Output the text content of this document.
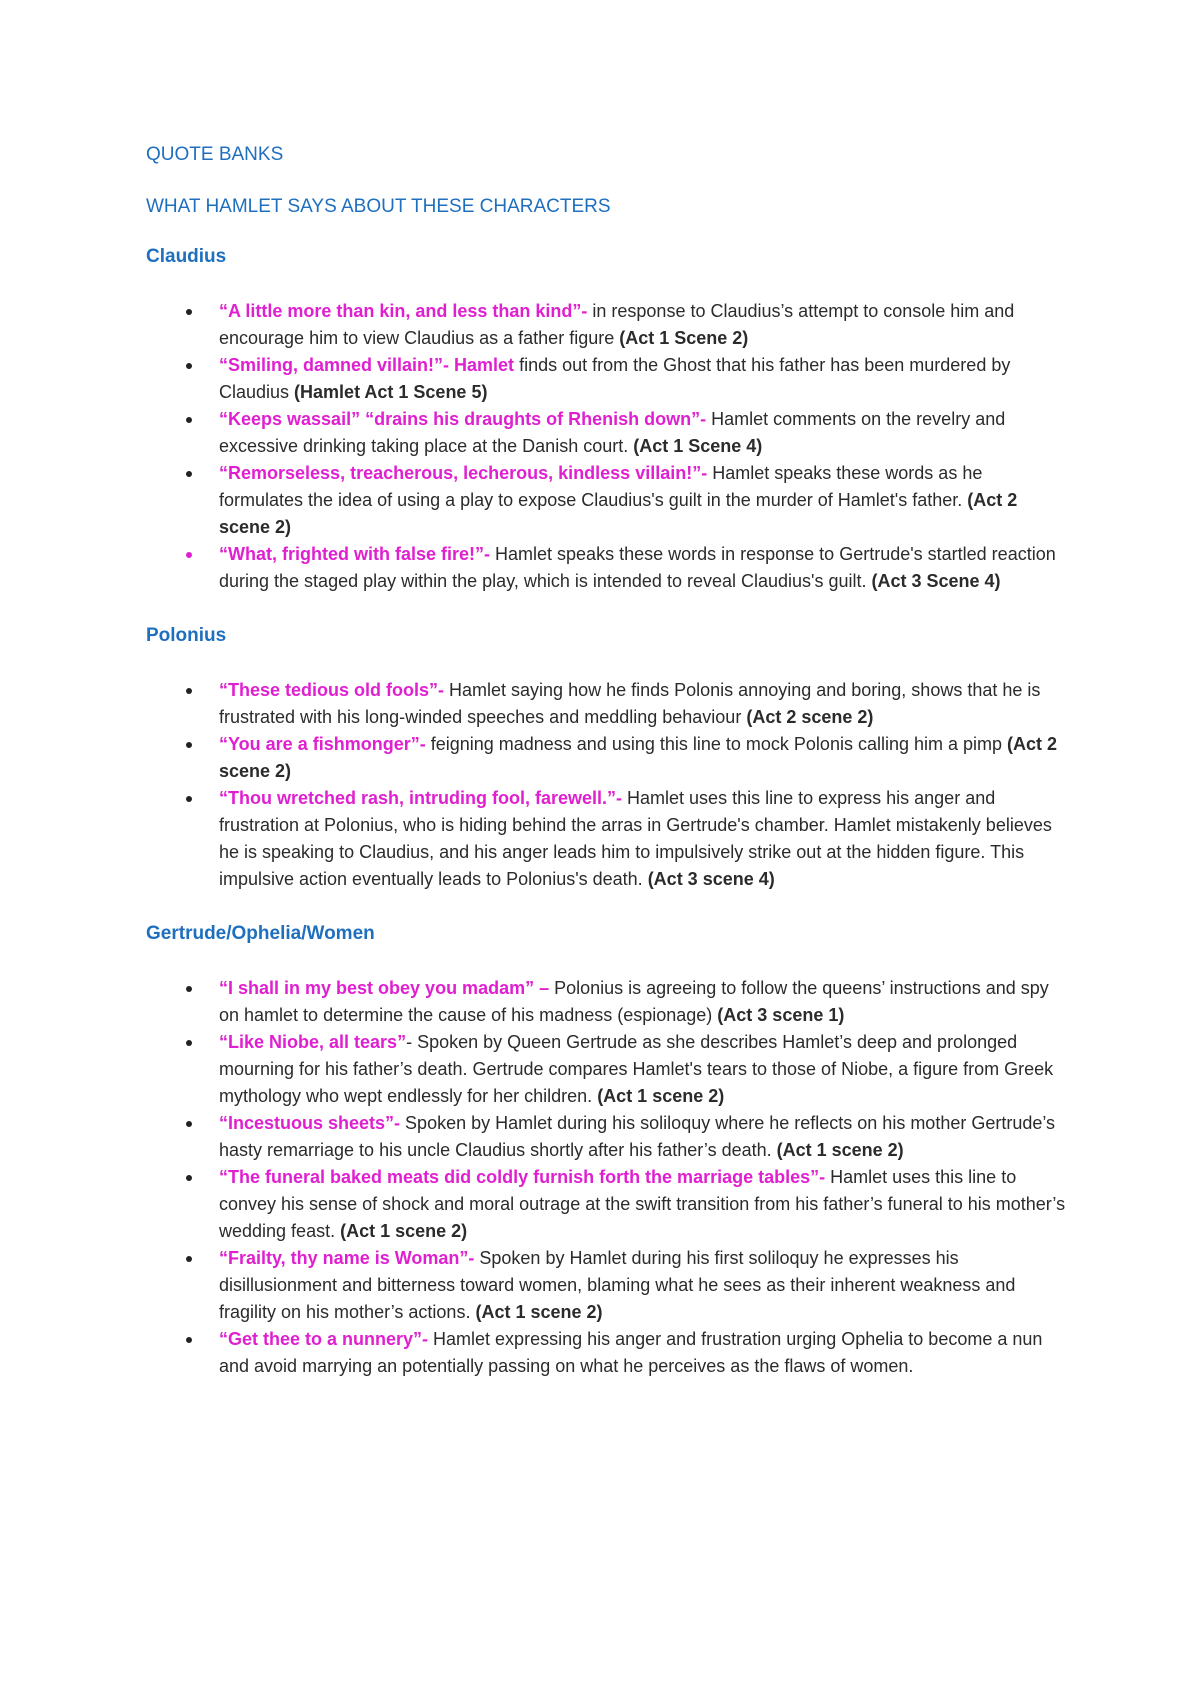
QUOTE BANKS
WHAT HAMLET SAYS ABOUT THESE CHARACTERS
Claudius
“A little more than kin, and less than kind”- in response to Claudius’s attempt to console him and encourage him to view Claudius as a father figure (Act 1 Scene 2)
“Smiling, damned villain!”- Hamlet finds out from the Ghost that his father has been murdered by Claudius (Hamlet Act 1 Scene 5)
“Keeps wassail” “drains his draughts of Rhenish down”- Hamlet comments on the revelry and excessive drinking taking place at the Danish court. (Act 1 Scene 4)
“Remorseless, treacherous, lecherous, kindless villain!”- Hamlet speaks these words as he formulates the idea of using a play to expose Claudius's guilt in the murder of Hamlet's father. (Act 2 scene 2)
“What, frighted with false fire!”- Hamlet speaks these words in response to Gertrude's startled reaction during the staged play within the play, which is intended to reveal Claudius's guilt. (Act 3 Scene 4)
Polonius
“These tedious old fools”- Hamlet saying how he finds Polonis annoying and boring, shows that he is frustrated with his long-winded speeches and meddling behaviour (Act 2 scene 2)
“You are a fishmonger”- feigning madness and using this line to mock Polonis calling him a pimp (Act 2 scene 2)
“Thou wretched rash, intruding fool, farewell.”- Hamlet uses this line to express his anger and frustration at Polonius, who is hiding behind the arras in Gertrude's chamber. Hamlet mistakenly believes he is speaking to Claudius, and his anger leads him to impulsively strike out at the hidden figure. This impulsive action eventually leads to Polonius's death. (Act 3 scene 4)
Gertrude/Ophelia/Women
“I shall in my best obey you madam” – Polonius is agreeing to follow the queens’ instructions and spy on hamlet to determine the cause of his madness (espionage) (Act 3 scene 1)
“Like Niobe, all tears”- Spoken by Queen Gertrude as she describes Hamlet’s deep and prolonged mourning for his father’s death. Gertrude compares Hamlet's tears to those of Niobe, a figure from Greek mythology who wept endlessly for her children. (Act 1 scene 2)
“Incestuous sheets”- Spoken by Hamlet during his soliloquy where he reflects on his mother Gertrude’s hasty remarriage to his uncle Claudius shortly after his father’s death. (Act 1 scene 2)
“The funeral baked meats did coldly furnish forth the marriage tables”- Hamlet uses this line to convey his sense of shock and moral outrage at the swift transition from his father’s funeral to his mother’s wedding feast. (Act 1 scene 2)
“Frailty, thy name is Woman”- Spoken by Hamlet during his first soliloquy he expresses his disillusionment and bitterness toward women, blaming what he sees as their inherent weakness and fragility on his mother’s actions. (Act 1 scene 2)
“Get thee to a nunnery”- Hamlet expressing his anger and frustration urging Ophelia to become a nun and avoid marrying an potentially passing on what he perceives as the flaws of women.
